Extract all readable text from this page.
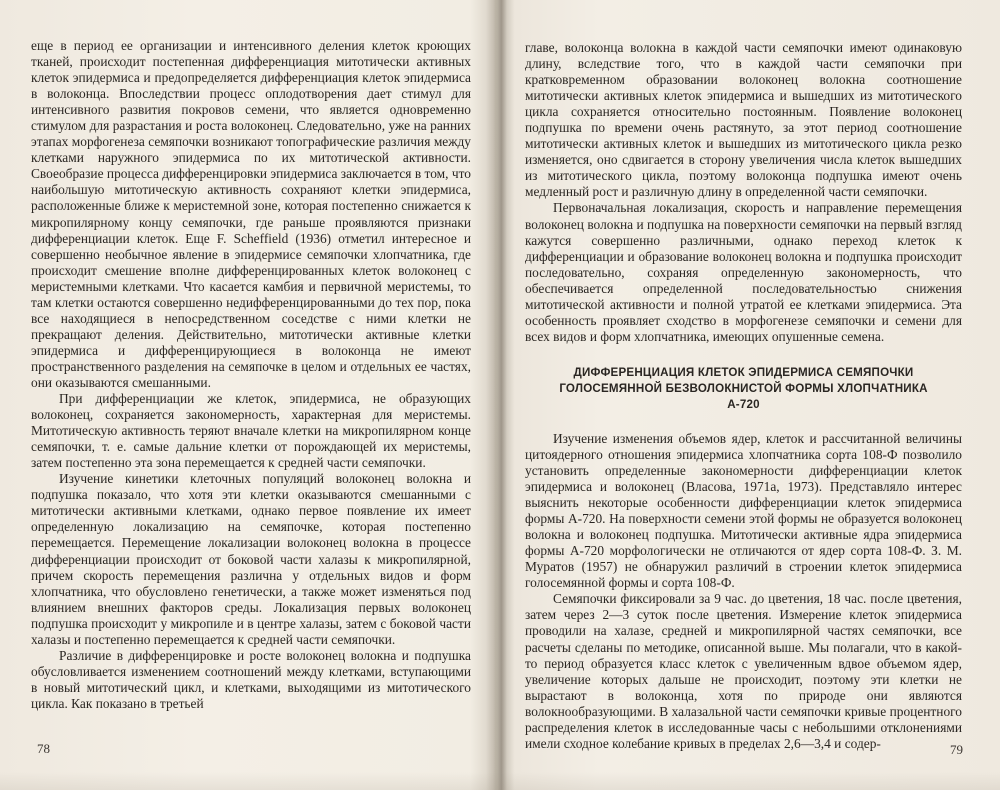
еще в период ее организации и интенсивного деления клеток кроющих тканей, происходит постепенная дифференциация митотически активных клеток эпидермиса и предопределяется дифференциация клеток эпидермиса в волоконца. Впоследствии процесс оплодотворения дает стимул для интенсивного развития покровов семени, что является одновременно стимулом для разрастания и роста волоконец. Следовательно, уже на ранних этапах морфогенеза семяпочки возникают топографические различия между клетками наружного эпидермиса по их митотической активности. Своеобразие процесса дифференцировки эпидермиса заключается в том, что наибольшую митотическую активность сохраняют клетки эпидермиса, расположенные ближе к меристемной зоне, которая постепенно снижается к микропилярному концу семяпочки, где раньше проявляются признаки дифференциации клеток. Еще F. Scheffield (1936) отметил интересное и совершенно необычное явление в эпидермисе семяпочки хлопчатника, где происходит смешение вполне дифференцированных клеток волоконец с меристемными клетками. Что касается камбия и первичной меристемы, то там клетки остаются совершенно недифференцированными до тех пор, пока все находящиеся в непосредственном соседстве с ними клетки не прекращают деления. Действительно, митотически активные клетки эпидермиса и дифференцирующиеся в волоконца не имеют пространственного разделения на семяпочке в целом и отдельных ее частях, они оказываются смешанными.

При дифференциации же клеток, эпидермиса, не образующих волоконец, сохраняется закономерность, характерная для меристемы. Митотическую активность теряют вначале клетки на микропилярном конце семяпочки, т. е. самые дальние клетки от порождающей их меристемы, затем постепенно эта зона перемещается к средней части семяпочки.

Изучение кинетики клеточных популяций волоконец волокна и подпушка показало, что хотя эти клетки оказываются смешанными с митотически активными клетками, однако первое появление их имеет определенную локализацию на семяпочке, которая постепенно перемещается. Перемещение локализации волоконец волокна в процессе дифференциации происходит от боковой части халазы к микропилярной, причем скорость перемещения различна у отдельных видов и форм хлопчатника, что обусловлено генетически, а также может изменяться под влиянием внешних факторов среды. Локализация первых волоконец подпушка происходит у микропиле и в центре халазы, затем с боковой части халазы и постепенно перемещается к средней части семяпочки.

Различие в дифференцировке и росте волоконец волокна и подпушка обусловливается изменением соотношений между клетками, вступающими в новый митотический цикл, и клетками, выходящими из митотического цикла. Как показано в третьей

78

главе, волоконца волокна в каждой части семяпочки имеют одинаковую длину, вследствие того, что в каждой части семяпочки при кратковременном образовании волоконец волокна соотношение митотически активных клеток эпидермиса и вышедших из митотического цикла сохраняется относительно постоянным. Появление волоконец подпушка по времени очень растянуто, за этот период соотношение митотически активных клеток и вышедших из митотического цикла резко изменяется, оно сдвигается в сторону увеличения числа клеток вышедших из митотического цикла, поэтому волоконца подпушка имеют очень медленный рост и различную длину в определенной части семяпочки.

Первоначальная локализация, скорость и направление перемещения волоконец волокна и подпушка на поверхности семяпочки на первый взгляд кажутся совершенно различными, однако переход клеток к дифференциации и образование волоконец волокна и подпушка происходит последовательно, сохраняя определенную закономерность, что обеспечивается определенной последовательностью снижения митотической активности и полной утратой ее клетками эпидермиса. Эта особенность проявляет сходство в морфогенезе семяпочки и семени для всех видов и форм хлопчатника, имеющих опушенные семена.

ДИФФЕРЕНЦИАЦИЯ КЛЕТОК ЭПИДЕРМИСА СЕМЯПОЧКИ ГОЛОСЕМЯННОЙ БЕЗВОЛОКНИСТОЙ ФОРМЫ ХЛОПЧАТНИКА А-720

Изучение изменения объемов ядер, клеток и рассчитанной величины цитоядерного отношения эпидермиса хлопчатника сорта 108-Ф позволило установить определенные закономерности дифференциации клеток эпидермиса и волоконец (Власова, 1971а, 1973). Представляло интерес выяснить некоторые особенности дифференциации клеток эпидермиса формы А-720. На поверхности семени этой формы не образуется волоконец волокна и волоконец подпушка. Митотически активные ядра эпидермиса формы А-720 морфологически не отличаются от ядер сорта 108-Ф. З. М. Муратов (1957) не обнаружил различий в строении клеток эпидермиса голосемянной формы и сорта 108-Ф.

Семяпочки фиксировали за 9 час. до цветения, 18 час. после цветения, затем через 2—3 суток после цветения. Измерение клеток эпидермиса проводили на халазе, средней и микропилярной частях семяпочки, все расчеты сделаны по методике, описанной выше. Мы полагали, что в какой-то период образуется класс клеток с увеличенным вдвое объемом ядер, увеличение которых дальше не происходит, поэтому эти клетки не вырастают в волоконца, хотя по природе они являются волокнообразующими. В халазальной части семяпочки кривые процентного распределения клеток в исследованные часы с небольшими отклонениями имели сходное колебание кривых в пределах 2,6—3,4 и содер-	79
